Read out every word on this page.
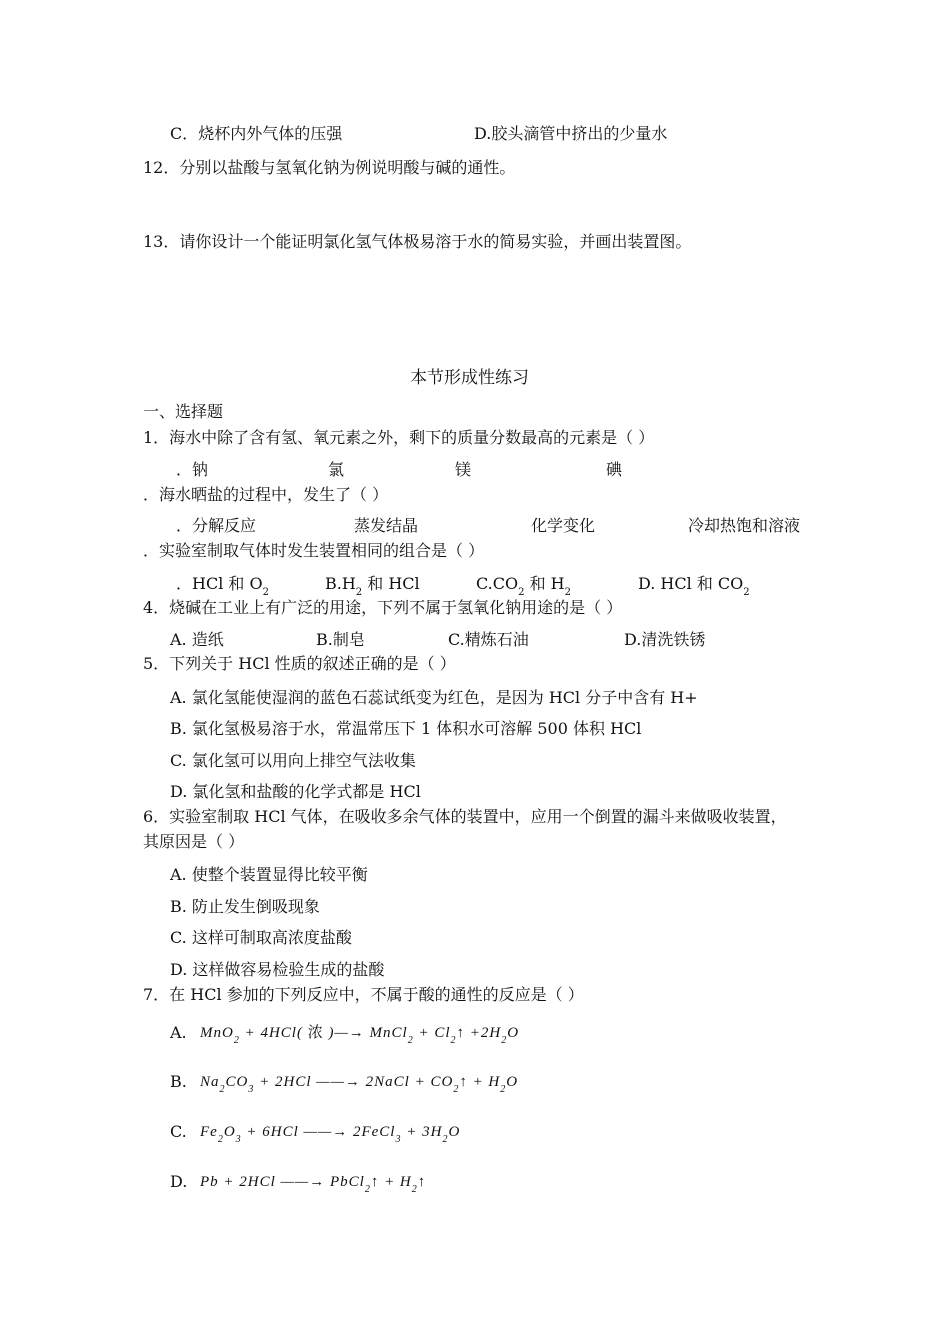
C．烧杯内外气体的压强	D.胶头滴管中挤出的少量水
12．分别以盐酸与氢氧化钠为例说明酸与碱的通性。
13．请你设计一个能证明氯化氢气体极易溶于水的简易实验，并画出装置图。
本节形成性练习
一、选择题
1．海水中除了含有氢、氧元素之外，剩下的质量分数最高的元素是（ ）
．钠	氯	镁	碘
．海水晒盐的过程中，发生了（ ）
．分解反应	蒸发结晶	化学变化	冷却热饱和溶液
．实验室制取气体时发生装置相同的组合是（ ）
．HCl 和 $O_2$	$B.H_2$ 和 HCl	$C.CO_2$ 和 $H_2$	D. HCl 和 $CO_2$
4．烧碱在工业上有广泛的用途，下列不属于氢氧化钠用途的是（ ）
A. 造纸	B.制皂	C.精炼石油	D.清洗铁锈
5．下列关于 HCl 性质的叙述正确的是（ ）
A. 氯化氢能使湿润的蓝色石蕊试纸变为红色，是因为 HCl 分子中含有 H+
B. 氯化氢极易溶于水，常温常压下 1 体积水可溶解 500 体积 HCl
C. 氯化氢可以用向上排空气法收集
D. 氯化氢和盐酸的化学式都是 HCl
6．实验室制取 HCl 气体，在吸收多余气体的装置中，应用一个倒置的漏斗来做吸收装置，
其原因是（ ）
A. 使整个装置显得比较平衡
B. 防止发生倒吸现象
C. 这样可制取高浓度盐酸
D. 这样做容易检验生成的盐酸
7．在 HCl 参加的下列反应中，不属于酸的通性的反应是（ ）
A. MnO$_2$ + 4HCl( 浓 )—→ MnCl$_2$ + $Cl_2↑ +2H_2O$
B. $Na_2CO_3 + 2HCl$ ——→ 2NaCl + $CO_2↑ + H_2O$
C. $Fe_2O_3 + 6HCl$ ——→ 2FeCl$_3$ + $3H_2O$
D. Pb + 2HCl ——→ PbCl$_2$↑ + $H_2↑$
